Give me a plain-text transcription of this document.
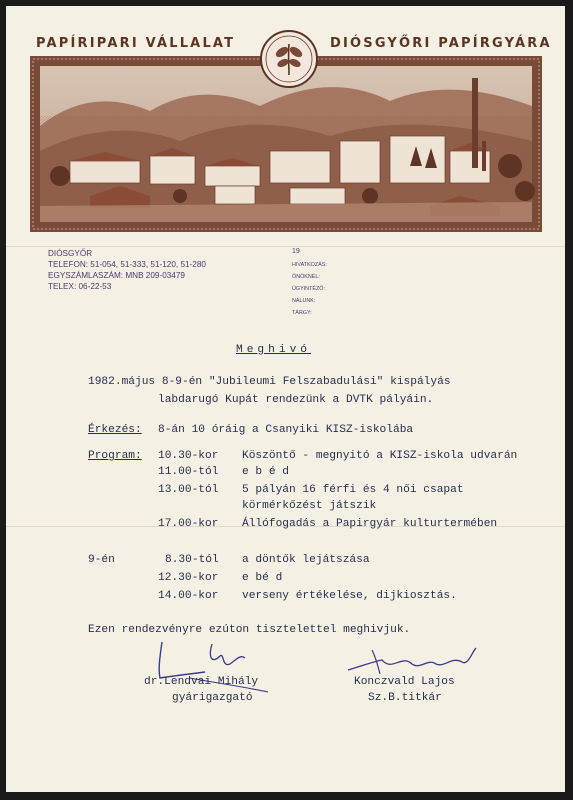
PAPÍRIPARI VÁLLALAT	DIÓSGYŐRI PAPÍRGYÁRA
DIÓSGYŐR
TELEFON: 51-054, 51-333, 51-120, 51-280
EGYSZÁMLASZÁM: MNB 209-03479
TELEX: 06-22-53
19
HIVATKOZÁS:
ÖNÖKNÉL:
ÜGYINTÉZŐ:
NÁLUNK:
TÁRGY:
Meghivó
1982.május 8-9-én "Jubileumi Felszabadulási" kispályás
labdarugó Kupát rendezünk a DVTK pályáin.
Érkezés: 8-án 10 óráig a Csanyiki KISZ-iskolába
Program: 10.30-kor Köszöntő - megnyitó a KISZ-iskola udvarán
11.00-tól e b é d
13.00-tól 5 pályán 16 férfi és 4 női csapat
körmérkőzést játszik
17.00-kor Állófogadás a Papirgyár kulturtermében
9-én	8.30-tól a döntők lejátszása
12.30-kor e bé d
14.00-kor verseny értékelése, dijkiosztás.
Ezen rendezvényre ezúton tisztelettel meghivjuk.
dr.Lendvai Mihály
gyárigazgató
Konczvald Lajos
Sz.B.titkár
